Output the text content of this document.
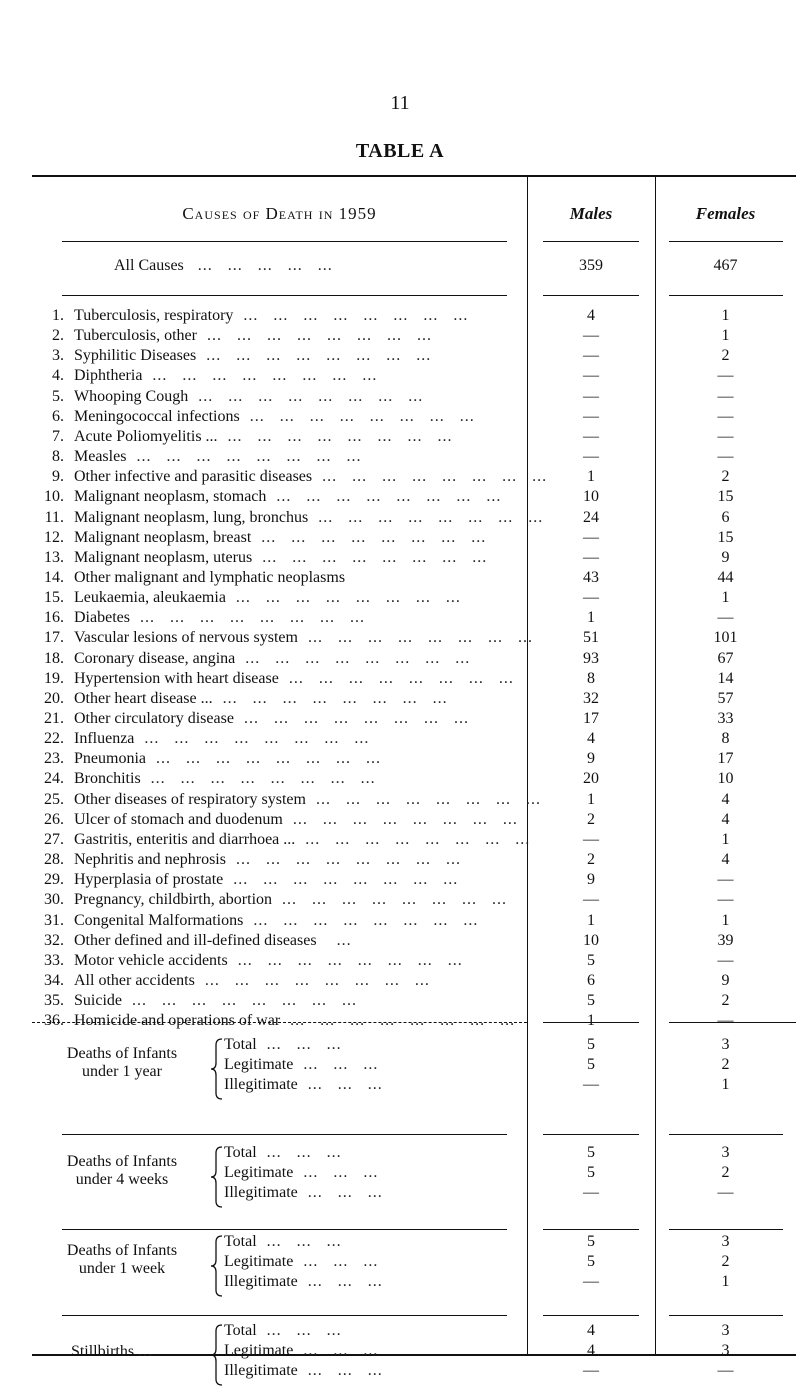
11
TABLE A
Causes of Death in 1959	Males	Females
All Causes   ...   ...   ...   ...   ...	359	467
1. Tuberculosis, respiratory  ...   ...   ...   ...   ...   ...   ...   ...	4	1
2. Tuberculosis, other  ...   ...   ...   ...   ...   ...   ...   ...	—	1
3. Syphilitic Diseases  ...   ...   ...   ...   ...   ...   ...   ...	—	2
4. Diphtheria  ...   ...   ...   ...   ...   ...   ...   ...	—	—
5. Whooping Cough  ...   ...   ...   ...   ...   ...   ...   ...	—	—
6. Meningococcal infections  ...   ...   ...   ...   ...   ...   ...   ...	—	—
7. Acute Poliomyelitis ...  ...   ...   ...   ...   ...   ...   ...   ...	—	—
8. Measles  ...   ...   ...   ...   ...   ...   ...   ...	—	—
9. Other infective and parasitic diseases  ...   ...   ...   ...   ...   ...   ...   ...	1	2
10. Malignant neoplasm, stomach  ...   ...   ...   ...   ...   ...   ...   ...	10	15
11. Malignant neoplasm, lung, bronchus  ...   ...   ...   ...   ...   ...   ...   ...	24	6
12. Malignant neoplasm, breast  ...   ...   ...   ...   ...   ...   ...   ...	—	15
13. Malignant neoplasm, uterus  ...   ...   ...   ...   ...   ...   ...   ...	—	9
14. Other malignant and lymphatic neoplasms	43	44
15. Leukaemia, aleukaemia  ...   ...   ...   ...   ...   ...   ...   ...	—	1
16. Diabetes  ...   ...   ...   ...   ...   ...   ...   ...	1	—
17. Vascular lesions of nervous system  ...   ...   ...   ...   ...   ...   ...   ...	51	101
18. Coronary disease, angina  ...   ...   ...   ...   ...   ...   ...   ...	93	67
19. Hypertension with heart disease  ...   ...   ...   ...   ...   ...   ...   ...	8	14
20. Other heart disease ...  ...   ...   ...   ...   ...   ...   ...   ...	32	57
21. Other circulatory disease  ...   ...   ...   ...   ...   ...   ...   ...	17	33
22. Influenza  ...   ...   ...   ...   ...   ...   ...   ...	4	8
23. Pneumonia  ...   ...   ...   ...   ...   ...   ...   ...	9	17
24. Bronchitis  ...   ...   ...   ...   ...   ...   ...   ...	20	10
25. Other diseases of respiratory system  ...   ...   ...   ...   ...   ...   ...   ...	1	4
26. Ulcer of stomach and duodenum  ...   ...   ...   ...   ...   ...   ...   ...	2	4
27. Gastritis, enteritis and diarrhoea ...  ...   ...   ...   ...   ...   ...   ...   ...	—	1
28. Nephritis and nephrosis  ...   ...   ...   ...   ...   ...   ...   ...	2	4
29. Hyperplasia of prostate  ...   ...   ...   ...   ...   ...   ...   ...	9	—
30. Pregnancy, childbirth, abortion  ...   ...   ...   ...   ...   ...   ...   ...	—	—
31. Congenital Malformations  ...   ...   ...   ...   ...   ...   ...   ...	1	1
32. Other defined and ill-defined diseases    ...	10	39
33. Motor vehicle accidents  ...   ...   ...   ...   ...   ...   ...   ...	5	—
34. All other accidents  ...   ...   ...   ...   ...   ...   ...   ...	6	9
35. Suicide  ...   ...   ...   ...   ...   ...   ...   ...	5	2
36. Homicide and operations of war  ...   ...   ...   ...   ...   ...   ...   ...	1	—
Deaths of Infants
under 1 year
Total  ...   ...   ...	5	3
Legitimate  ...   ...   ...	5	2
Illegitimate  ...   ...   ...	—	1
Deaths of Infants
under 4 weeks
Total  ...   ...   ...	5	3
Legitimate  ...   ...   ...	5	2
Illegitimate  ...   ...   ...	—	—
Deaths of Infants
under 1 week
Total  ...   ...   ...	5	3
Legitimate  ...   ...   ...	5	2
Illegitimate  ...   ...   ...	—	1
Stillbirths ...
Total  ...   ...   ...	4	3
Legitimate  ...   ...   ...	4	3
Illegitimate  ...   ...   ...	—	—
